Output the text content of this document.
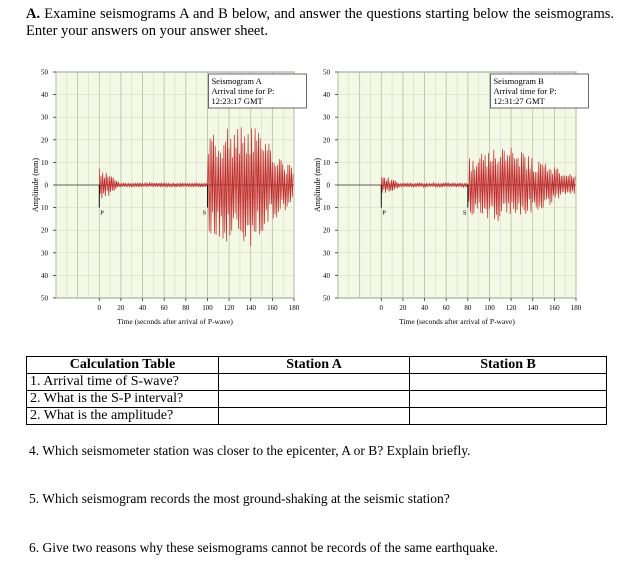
A. Examine seismograms A and B below, and answer the questions starting below the seismograms. Enter your answers on your answer sheet.
50
40
30
20
10
0
10
20
30
40
50
0 20 40 60 80 100 120 140 160 180
Time (seconds after arrival of P-wave)
Amplitude (mm)
P	S
Seismogram A
Arrival time for P:
12:23:17 GMT
50
40
30
20
10
0
10
20
30
40
50
0 20 40 60 80 100 120 140 160 180
Time (seconds after arrival of P-wave)
Amplitude (mm)
P	S
Seismogram B
Arrival time for P:
12:31:27 GMT
Calculation Table	Station A	Station B
1. Arrival time of S-wave?		
2. What is the S-P interval?		
2. What is the amplitude?		
4. Which seismometer station was closer to the epicenter, A or B? Explain briefly.
5. Which seismogram records the most ground-shaking at the seismic station?
6. Give two reasons why these seismograms cannot be records of the same earthquake.
